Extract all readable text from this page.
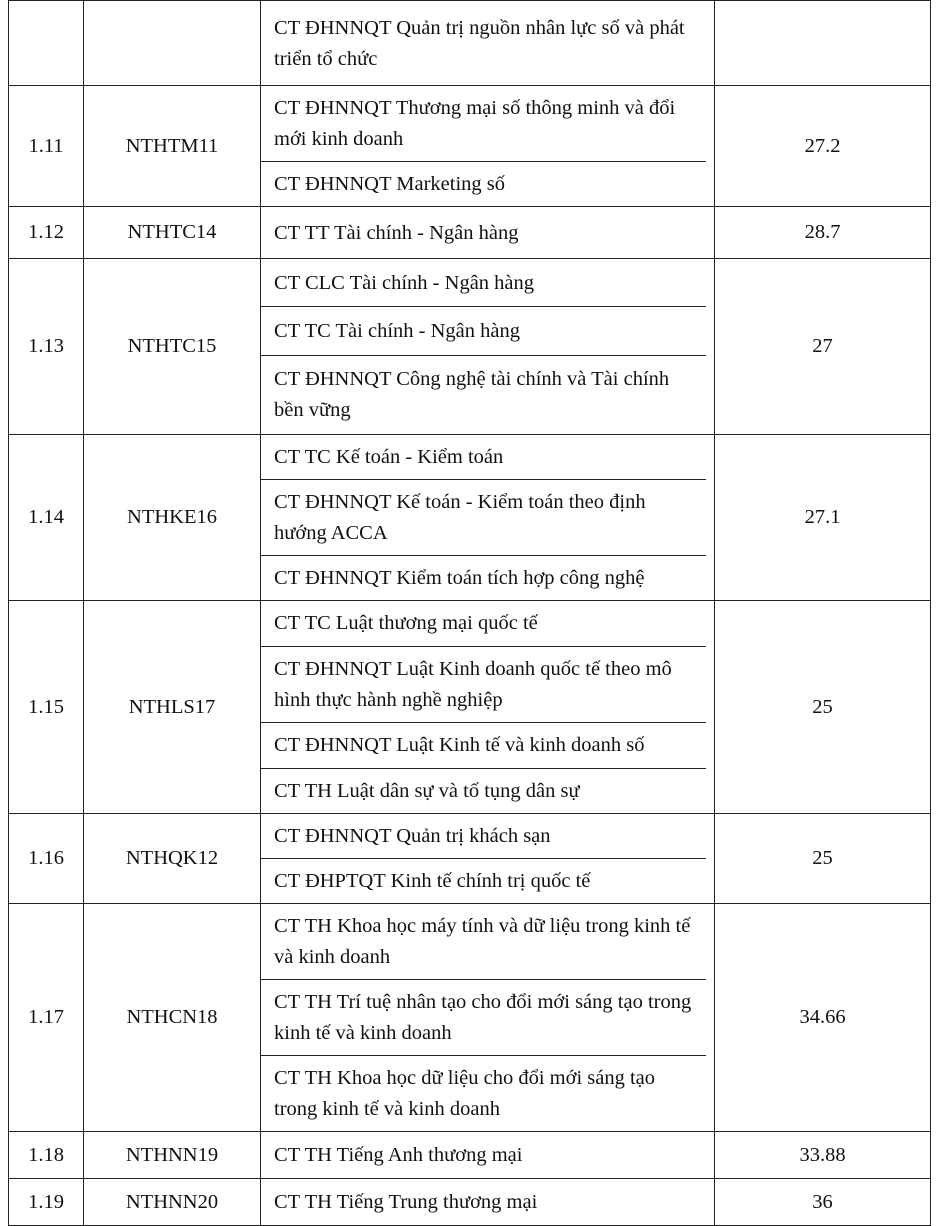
		CT ĐHNNQT Quản trị nguồn nhân lực số và phát triển tổ chức	

1.11	NTHTM11	CT ĐHNNQT Thương mại số thông minh và đổi mới kinh doanh
CT ĐHNNQT Marketing số	27.2
1.12	NTHTC14	CT TT Tài chính - Ngân hàng	28.7
1.13	NTHTC15	CT CLC Tài chính - Ngân hàng
CT TC Tài chính - Ngân hàng
CT ĐHNNQT Công nghệ tài chính và Tài chính bền vững	27
1.14	NTHKE16	CT TC Kế toán - Kiểm toán
CT ĐHNNQT Kế toán - Kiểm toán theo định hướng ACCA
CT ĐHNNQT Kiểm toán tích hợp công nghệ	27.1
1.15	NTHLS17	CT TC Luật thương mại quốc tế
CT ĐHNNQT Luật Kinh doanh quốc tế theo mô hình thực hành nghề nghiệp
CT ĐHNNQT Luật Kinh tế và kinh doanh số
CT TH Luật dân sự và tố tụng dân sự	25
1.16	NTHQK12	CT ĐHNNQT Quản trị khách sạn
CT ĐHPTQT Kinh tế chính trị quốc tế	25
1.17	NTHCN18	CT TH Khoa học máy tính và dữ liệu trong kinh tế và kinh doanh
CT TH Trí tuệ nhân tạo cho đổi mới sáng tạo trong kinh tế và kinh doanh
CT TH Khoa học dữ liệu cho đổi mới sáng tạo trong kinh tế và kinh doanh	34.66
1.18	NTHNN19	CT TH Tiếng Anh thương mại	33.88
1.19	NTHNN20	CT TH Tiếng Trung thương mại	36
